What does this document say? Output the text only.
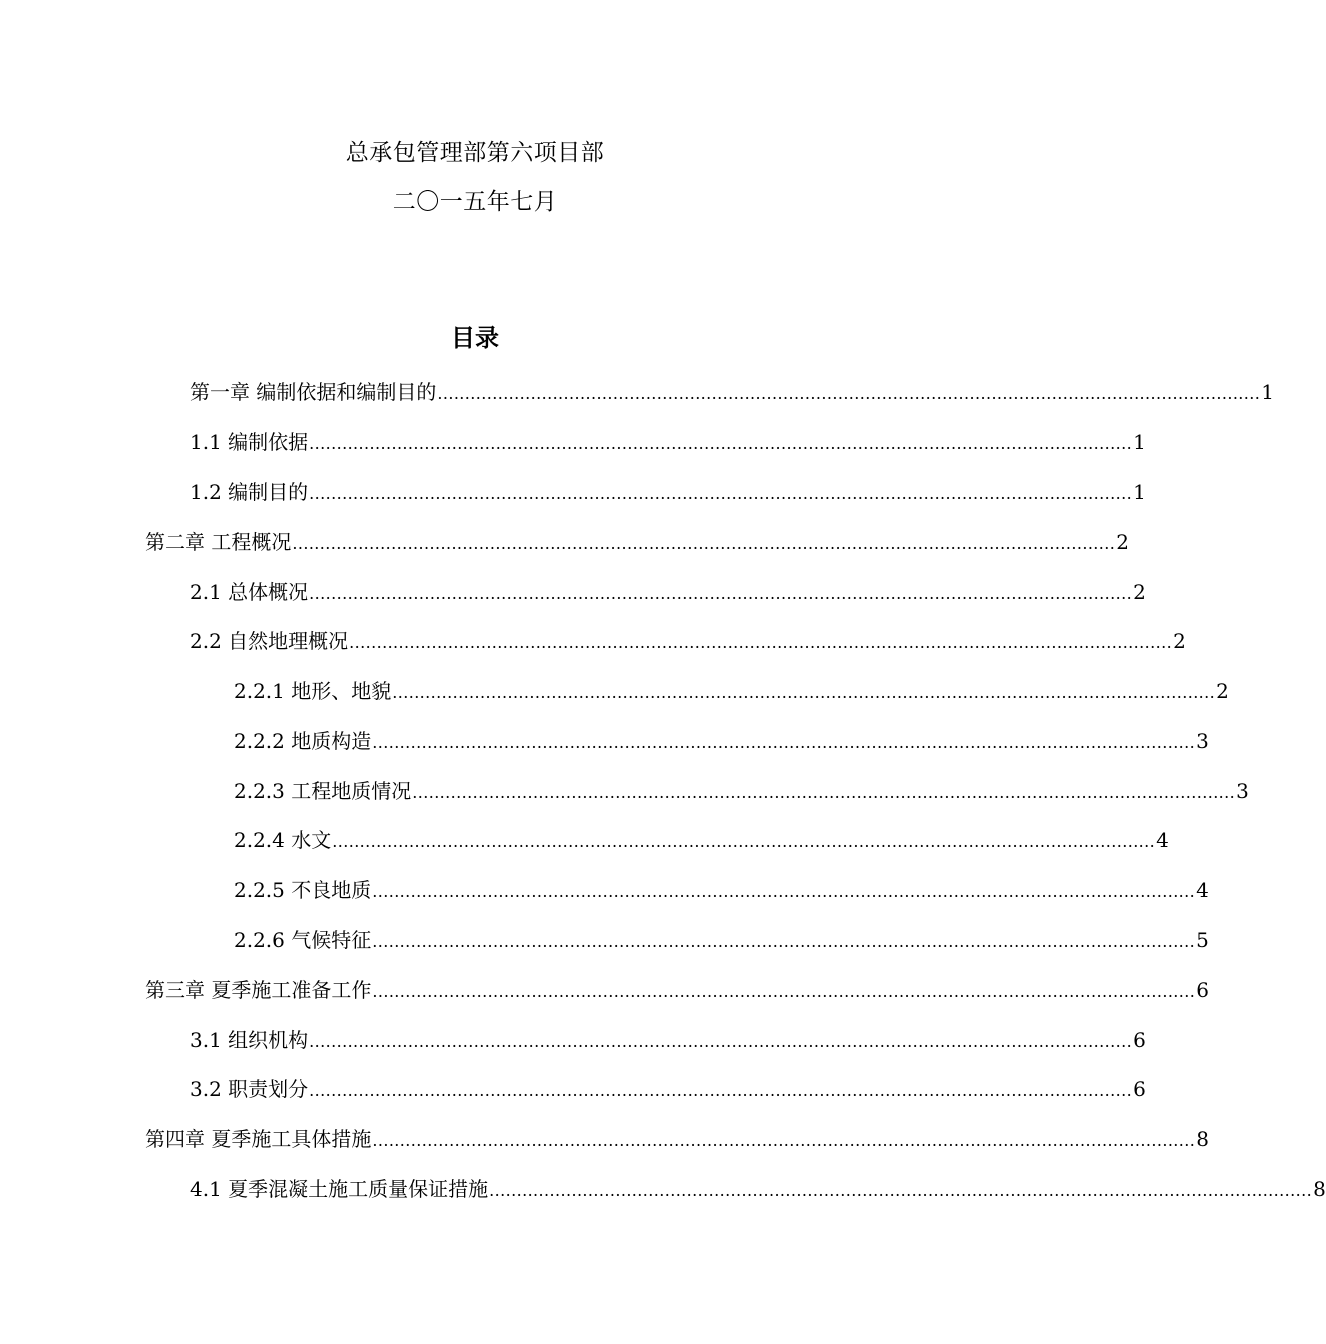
总承包管理部第六项目部
二〇一五年七月
目录
第一章 编制依据和编制目的 ...................................................................................................................................................... 1
1.1 编制依据 ...................................................................................................................................................... 1
1.2 编制目的 ...................................................................................................................................................... 1
第二章 工程概况 ...................................................................................................................................................... 2
2.1 总体概况 ...................................................................................................................................................... 2
2.2 自然地理概况 ...................................................................................................................................................... 2
2.2.1 地形、地貌 ...................................................................................................................................................... 2
2.2.2 地质构造 ...................................................................................................................................................... 3
2.2.3 工程地质情况 ...................................................................................................................................................... 3
2.2.4 水文 ...................................................................................................................................................... 4
2.2.5 不良地质 ...................................................................................................................................................... 4
2.2.6 气候特征 ...................................................................................................................................................... 5
第三章 夏季施工准备工作 ...................................................................................................................................................... 6
3.1 组织机构 ...................................................................................................................................................... 6
3.2 职责划分 ...................................................................................................................................................... 6
第四章 夏季施工具体措施 ...................................................................................................................................................... 8
4.1 夏季混凝土施工质量保证措施 ...................................................................................................................................................... 8
